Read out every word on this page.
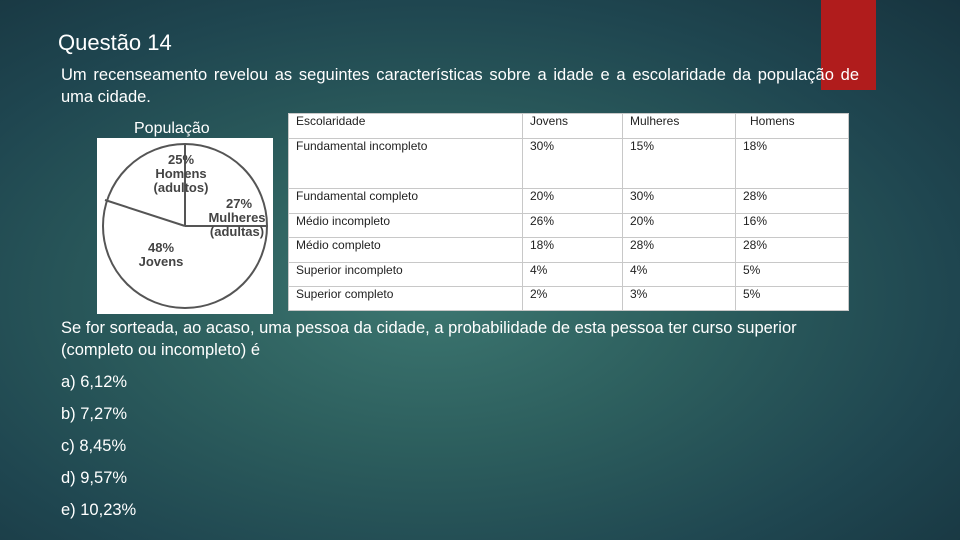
Questão 14

Um recenseamento revelou as seguintes características sobre a idade e a escolaridade da população de uma cidade.

População
25%
Homens
(adultos)
27%
Mulheres
(adultas)
48%
Jovens
Escolaridade	Jovens	Mulheres	Homens
Fundamental incompleto	30%	15%	18%
Fundamental completo	20%	30%	28%
Médio incompleto	26%	20%	16%
Médio completo	18%	28%	28%
Superior incompleto	4%	4%	5%
Superior completo	2%	3%	5%

Se for sorteada, ao acaso, uma pessoa da cidade, a probabilidade de esta pessoa ter curso superior (completo ou incompleto) é

a) 6,12%
b) 7,27%
c) 8,45%
d) 9,57%
e) 10,23%
